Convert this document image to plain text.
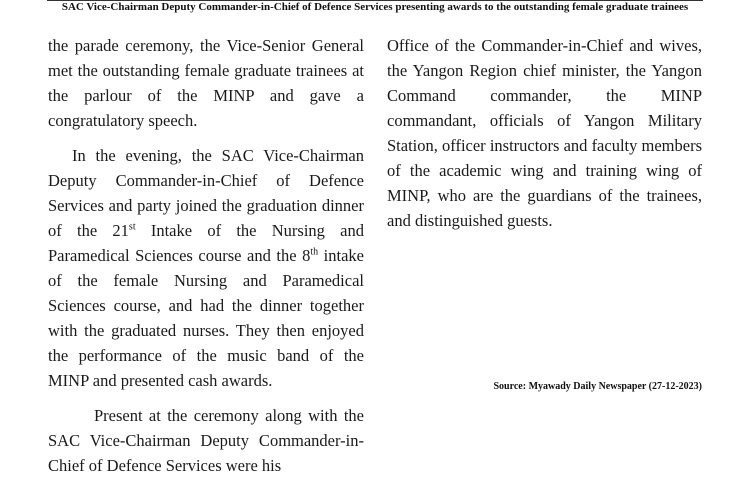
SAC Vice-Chairman Deputy Commander-in-Chief of Defence Services presenting awards to the outstanding female graduate trainees

the parade ceremony, the Vice-Senior General met the outstanding female graduate trainees at the parlour of the MINP and gave a congratulatory speech.

In the evening, the SAC Vice-Chairman Deputy Commander-in-Chief of Defence Services and party joined the graduation dinner of the 21st Intake of the Nursing and Paramedical Sciences course and the 8th intake of the female Nursing and Paramedical Sciences course, and had the dinner together with the graduated nurses. They then enjoyed the performance of the music band of the MINP and presented cash awards.

Present at the ceremony along with the SAC Vice-Chairman Deputy Commander-in-Chief of Defence Services were his

Office of the Commander-in-Chief and wives, the Yangon Region chief minister, the Yangon Command commander, the MINP commandant, officials of Yangon Military Station, officer instructors and faculty members of the academic wing and training wing of MINP, who are the guardians of the trainees, and distinguished guests.

Source: Myawady Daily Newspaper (27-12-2023)
